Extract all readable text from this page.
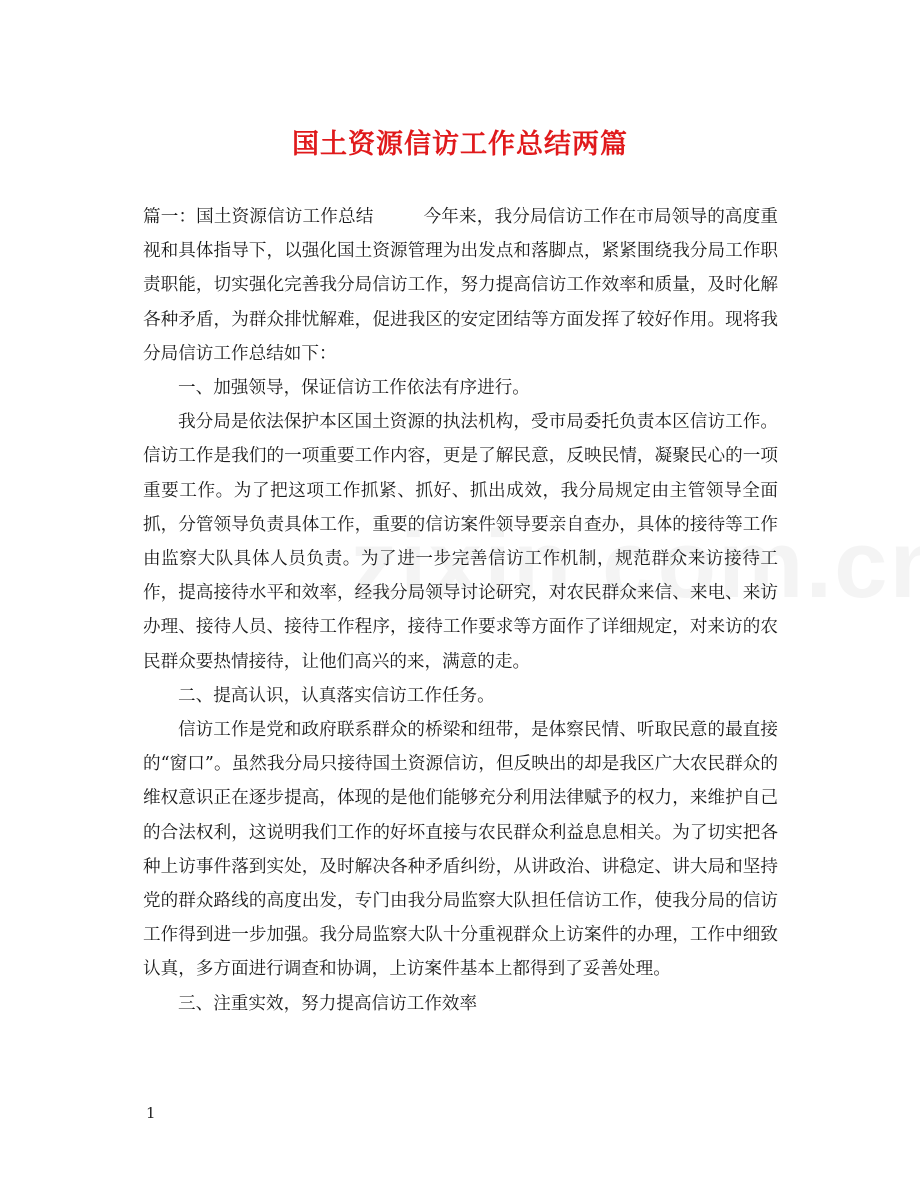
国土资源信访工作总结两篇

篇一：国土资源信访工作总结	今年来，我分局信访工作在市局领导的高度重视和具体指导下，以强化国土资源管理为出发点和落脚点，紧紧围绕我分局工作职责职能，切实强化完善我分局信访工作，努力提高信访工作效率和质量，及时化解各种矛盾，为群众排忧解难，促进我区的安定团结等方面发挥了较好作用。现将我分局信访工作总结如下：

一、加强领导，保证信访工作依法有序进行。

我分局是依法保护本区国土资源的执法机构，受市局委托负责本区信访工作。信访工作是我们的一项重要工作内容，更是了解民意，反映民情，凝聚民心的一项重要工作。为了把这项工作抓紧、抓好、抓出成效，我分局规定由主管领导全面抓，分管领导负责具体工作，重要的信访案件领导要亲自查办，具体的接待等工作由监察大队具体人员负责。为了进一步完善信访工作机制，规范群众来访接待工作，提高接待水平和效率，经我分局领导讨论研究，对农民群众来信、来电、来访办理、接待人员、接待工作程序，接待工作要求等方面作了详细规定，对来访的农民群众要热情接待，让他们高兴的来，满意的走。

二、提高认识，认真落实信访工作任务。

信访工作是党和政府联系群众的桥梁和纽带，是体察民情、听取民意的最直接的“窗口”。虽然我分局只接待国土资源信访，但反映出的却是我区广大农民群众的维权意识正在逐步提高，体现的是他们能够充分利用法律赋予的权力，来维护自己的合法权利，这说明我们工作的好坏直接与农民群众利益息息相关。为了切实把各种上访事件落到实处，及时解决各种矛盾纠纷，从讲政治、讲稳定、讲大局和坚持党的群众路线的高度出发，专门由我分局监察大队担任信访工作，使我分局的信访工作得到进一步加强。我分局监察大队十分重视群众上访案件的办理，工作中细致认真，多方面进行调查和协调，上访案件基本上都得到了妥善处理。

三、注重实效，努力提高信访工作效率

1
